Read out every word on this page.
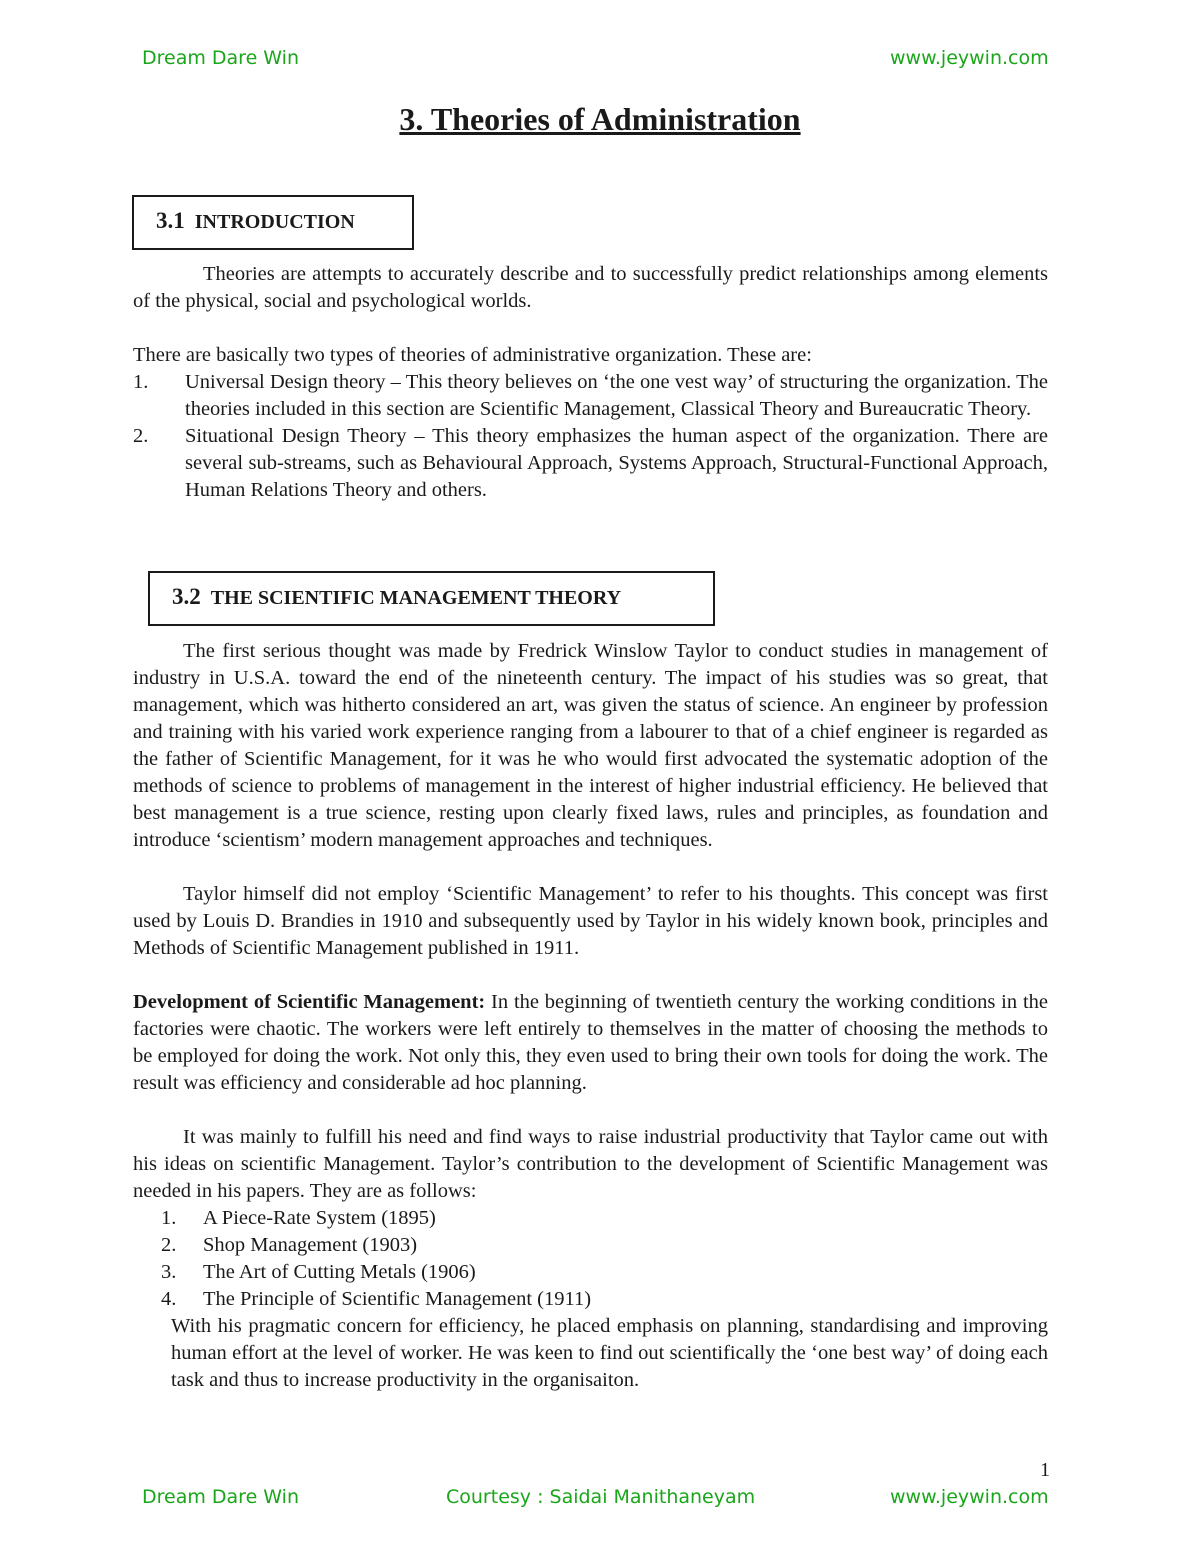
Dream Dare Win	www.jeywin.com
3. Theories of Administration
3.1 INTRODUCTION

Theories are attempts to accurately describe and to successfully predict relationships among elements of the physical, social and psychological worlds.

There are basically two types of theories of administrative organization. These are:

1. Universal Design theory – This theory believes on ‘the one vest way’ of structuring the organization. The theories included in this section are Scientific Management, Classical Theory and Bureaucratic Theory.
2. Situational Design Theory – This theory emphasizes the human aspect of the organization. There are several sub-streams, such as Behavioural Approach, Systems Approach, Structural-Functional Approach, Human Relations Theory and others.
3.2 THE SCIENTIFIC MANAGEMENT THEORY

The first serious thought was made by Fredrick Winslow Taylor to conduct studies in management of industry in U.S.A. toward the end of the nineteenth century. The impact of his studies was so great, that management, which was hitherto considered an art, was given the status of science. An engineer by profession and training with his varied work experience ranging from a labourer to that of a chief engineer is regarded as the father of Scientific Management, for it was he who would first advocated the systematic adoption of the methods of science to problems of management in the interest of higher industrial efficiency. He believed that best management is a true science, resting upon clearly fixed laws, rules and principles, as foundation and introduce ‘scientism’ modern management approaches and techniques.

Taylor himself did not employ ‘Scientific Management’ to refer to his thoughts. This concept was first used by Louis D. Brandies in 1910 and subsequently used by Taylor in his widely known book, principles and Methods of Scientific Management published in 1911.

Development of Scientific Management: In the beginning of twentieth century the working conditions in the factories were chaotic. The workers were left entirely to themselves in the matter of choosing the methods to be employed for doing the work. Not only this, they even used to bring their own tools for doing the work. The result was efficiency and considerable ad hoc planning.

It was mainly to fulfill his need and find ways to raise industrial productivity that Taylor came out with his ideas on scientific Management. Taylor’s contribution to the development of Scientific Management was needed in his papers. They are as follows:

1. A Piece-Rate System (1895)
2. Shop Management (1903)
3. The Art of Cutting Metals (1906)
4. The Principle of Scientific Management (1911)

With his pragmatic concern for efficiency, he placed emphasis on planning, standardising and improving human effort at the level of worker. He was keen to find out scientifically the ‘one best way’ of doing each task and thus to increase productivity in the organisaiton.

1
Dream Dare Win	Courtesy : Saidai Manithaneyam	www.jeywin.com
